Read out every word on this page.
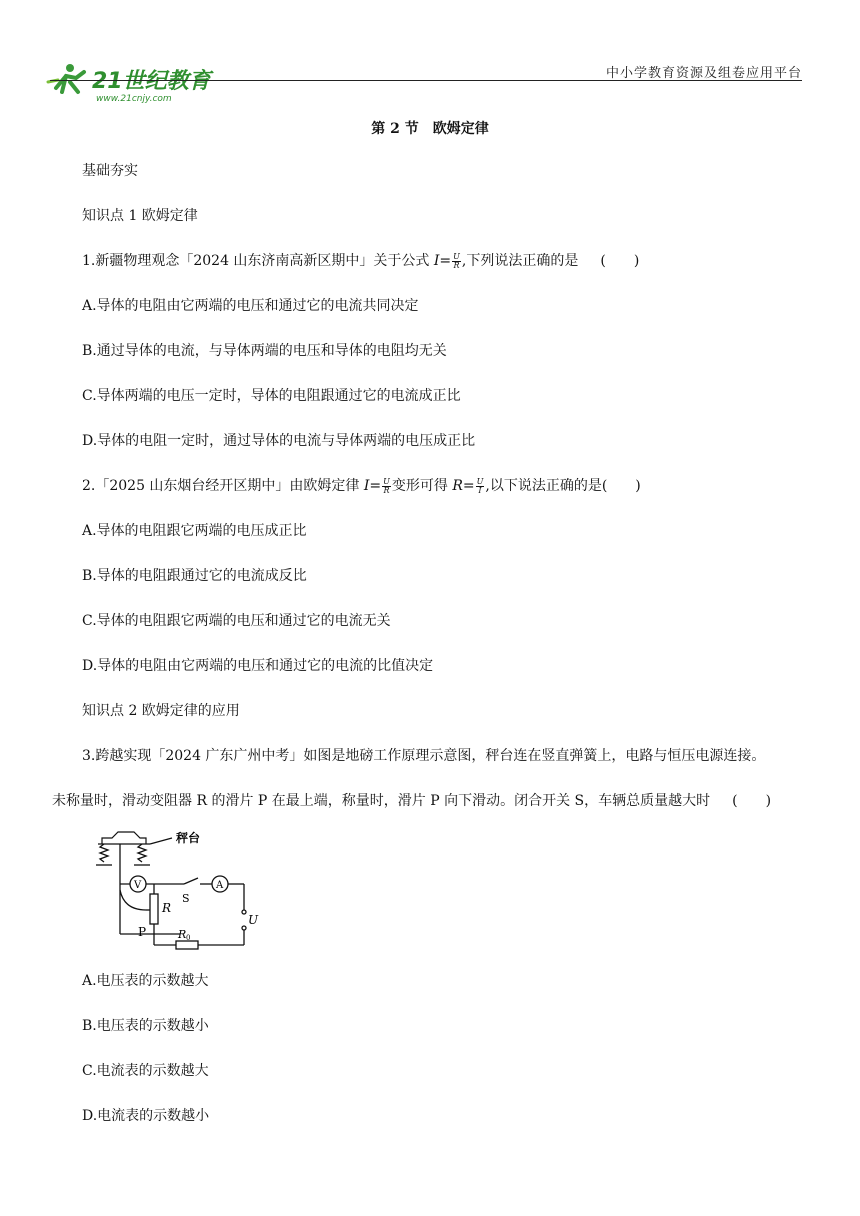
21世纪教育
www.21cnjy.com
中小学教育资源及组卷应用平台
第 2 节　欧姆定律
基础夯实
知识点 1 欧姆定律
1.新疆物理观念「2024 山东济南高新区期中」关于公式 $I= \frac{U}{R}$ ,下列说法正确的是 (　　)
A.导体的电阻由它两端的电压和通过它的电流共同决定
B.通过导体的电流，与导体两端的电压和导体的电阻均无关
C.导体两端的电压一定时，导体的电阻跟通过它的电流成正比
D.导体的电阻一定时，通过导体的电流与导体两端的电压成正比
2.「2025 山东烟台经开区期中」由欧姆定律 $I= \frac{U}{R}$ 变形可得 $R= \frac{U}{I}$ ,以下说法正确的是(　　)
A.导体的电阻跟它两端的电压成正比
B.导体的电阻跟通过它的电流成反比
C.导体的电阻跟它两端的电压和通过它的电流无关
D.导体的电阻由它两端的电压和通过它的电流的比值决定
知识点 2 欧姆定律的应用
3.跨越实现「2024 广东广州中考」如图是地磅工作原理示意图，秤台连在竖直弹簧上，电路与恒压电源连接。
未称量时，滑动变阻器 R 的滑片 P 在最上端，称量时，滑片 P 向下滑动。闭合开关 S，车辆总质量越大时 (　　)
秤台
V	A
S
U
R
P	R 0
A.电压表的示数越大
B.电压表的示数越小
C.电流表的示数越大
D.电流表的示数越小
